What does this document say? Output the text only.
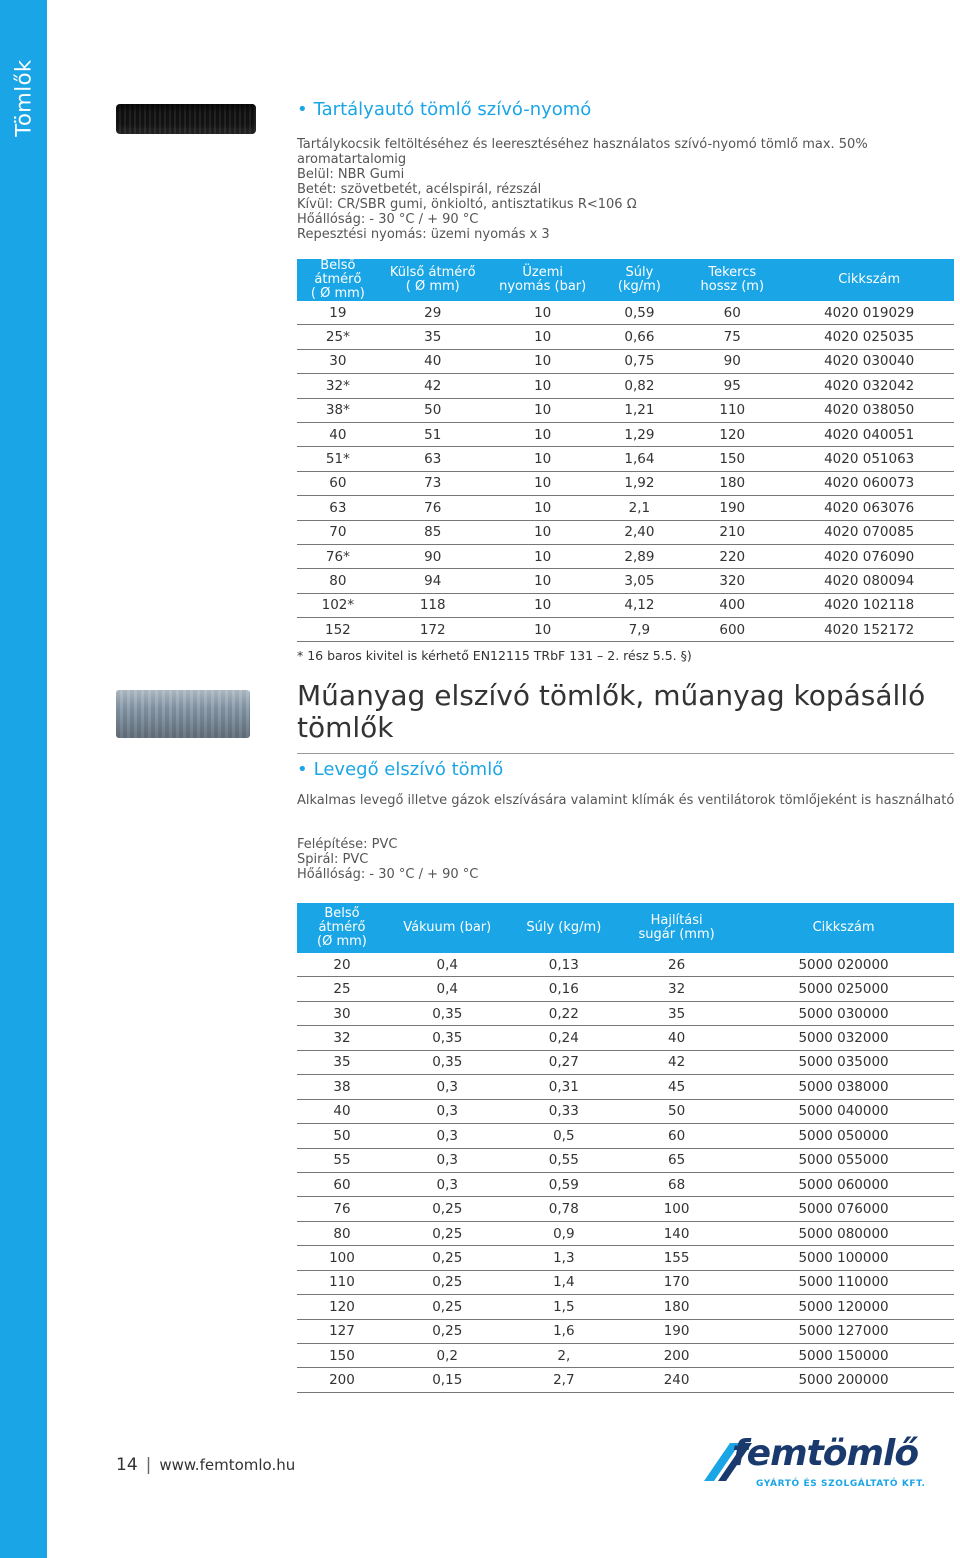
Tömlők	• Tartályautó tömlő szívó-nyomó

Tartálykocsik feltöltéséhez és leeresztéséhez használatos szívó-nyomó tömlő max. 50%

aromatartalomig

Belül: NBR Gumi

Betét: szövetbetét, acélspirál, rézszál

Kívül: CR/SBR gumi, önkioltó, antisztatikus R<106 Ω

Hőállóság: - 30 °C / + 90 °C

Repesztési nyomás: üzemi nyomás x 3

Belső átmérő
( Ø mm)	Külső átmérő
( Ø mm)	Üzemi
nyomás (bar)	Súly
(kg/m)	Tekercs
hossz (m)	Cikkszám
19	29	10	0,59	60	4020 019029
25*	35	10	0,66	75	4020 025035
30	40	10	0,75	90	4020 030040
32*	42	10	0,82	95	4020 032042
38*	50	10	1,21	110	4020 038050
40	51	10	1,29	120	4020 040051
51*	63	10	1,64	150	4020 051063
60	73	10	1,92	180	4020 060073
63	76	10	2,1	190	4020 063076
70	85	10	2,40	210	4020 070085
76*	90	10	2,89	220	4020 076090
80	94	10	3,05	320	4020 080094
102*	118	10	4,12	400	4020 102118
152	172	10	7,9	600	4020 152172
* 16 baros kivitel is kérhető EN12115 TRbF 131 – 2. rész 5.5. §)
Műanyag elszívó tömlők, műanyag kopásálló tömlők
• Levegő elszívó tömlő

Alkalmas levegő illetve gázok elszívására valamint klímák és ventilátorok tömlőjeként is használható

Felépítése: PVC

Spirál: PVC

Hőállóság: - 30 °C / + 90 °C

Belső
átmérő
(Ø mm)	Vákuum (bar)	Súly (kg/m)	Hajlítási
sugár (mm)	Cikkszám
20	0,4	0,13	26	5000 020000
25	0,4	0,16	32	5000 025000
30	0,35	0,22	35	5000 030000
32	0,35	0,24	40	5000 032000
35	0,35	0,27	42	5000 035000
38	0,3	0,31	45	5000 038000
40	0,3	0,33	50	5000 040000
50	0,3	0,5	60	5000 050000
55	0,3	0,55	65	5000 055000
60	0,3	0,59	68	5000 060000
76	0,25	0,78	100	5000 076000
80	0,25	0,9	140	5000 080000
100	0,25	1,3	155	5000 100000
110	0,25	1,4	170	5000 110000
120	0,25	1,5	180	5000 120000
127	0,25	1,6	190	5000 127000
150	0,2	2,	200	5000 150000
200	0,15	2,7	240	5000 200000
14 | www.femtomlo.hu	femtömlő
GYÁRTÓ ÉS SZOLGÁLTATÓ KFT.
